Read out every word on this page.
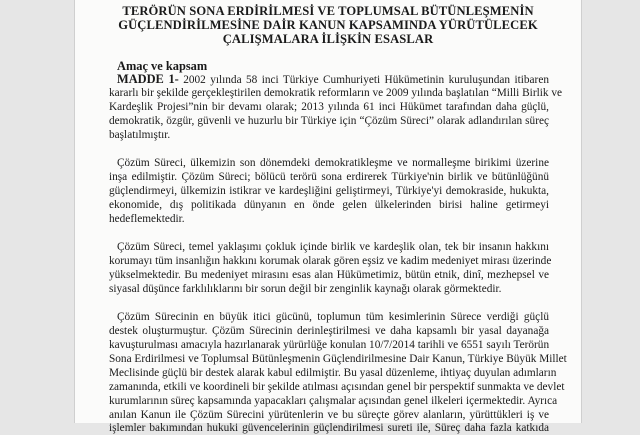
TERÖRÜN SONA ERDİRİLMESİ VE TOPLUMSAL BÜTÜNLEŞMENİN
GÜÇLENDİRİLMESİNE DAİR KANUN KAPSAMINDA YÜRÜTÜLECEK
ÇALIŞMALARA İLİŞKİN ESASLAR
Amaç ve kapsam
MADDE 1- 2002 yılında 58 inci Türkiye Cumhuriyeti Hükümetinin kuruluşundan itibaren
kararlı bir şekilde gerçekleştirilen demokratik reformların ve 2009 yılında başlatılan “Milli Birlik ve
Kardeşlik Projesi”nin bir devamı olarak; 2013 yılında 61 inci Hükümet tarafından daha güçlü,
demokratik, özgür, güvenli ve huzurlu bir Türkiye için “Çözüm Süreci” olarak adlandırılan süreç
başlatılmıştır.
Çözüm Süreci, ülkemizin son dönemdeki demokratikleşme ve normalleşme birikimi üzerine
inşa edilmiştir. Çözüm Süreci; bölücü terörü sona erdirerek Türkiye'nin birlik ve bütünlüğünü
güçlendirmeyi, ülkemizin istikrar ve kardeşliğini geliştirmeyi, Türkiye'yi demokraside, hukukta,
ekonomide, dış politikada dünyanın en önde gelen ülkelerinden birisi haline getirmeyi
hedeflemektedir.
Çözüm Süreci, temel yaklaşımı çokluk içinde birlik ve kardeşlik olan, tek bir insanın hakkını
korumayı tüm insanlığın hakkını korumak olarak gören eşsiz ve kadim medeniyet mirası üzerinde
yükselmektedir. Bu medeniyet mirasını esas alan Hükümetimiz, bütün etnik, dinî, mezhepsel ve
siyasal düşünce farklılıklarını bir sorun değil bir zenginlik kaynağı olarak görmektedir.
Çözüm Sürecinin en büyük itici gücünü, toplumun tüm kesimlerinin Sürece verdiği güçlü
destek oluşturmuştur. Çözüm Sürecinin derinleştirilmesi ve daha kapsamlı bir yasal dayanağa
kavuşturulması amacıyla hazırlanarak yürürlüğe konulan 10/7/2014 tarihli ve 6551 sayılı Terörün
Sona Erdirilmesi ve Toplumsal Bütünleşmenin Güçlendirilmesine Dair Kanun, Türkiye Büyük Millet
Meclisinde güçlü bir destek alarak kabul edilmiştir. Bu yasal düzenleme, ihtiyaç duyulan adımların
zamanında, etkili ve koordineli bir şekilde atılması açısından genel bir perspektif sunmakta ve devlet
kurumlarının süreç kapsamında yapacakları çalışmalar açısından genel ilkeleri içermektedir. Ayrıca
anılan Kanun ile Çözüm Sürecini yürütenlerin ve bu süreçte görev alanların, yürüttükleri iş ve
işlemler bakımından hukuki güvencelerinin güçlendirilmesi sureti ile, Süreç daha fazla katkıda
